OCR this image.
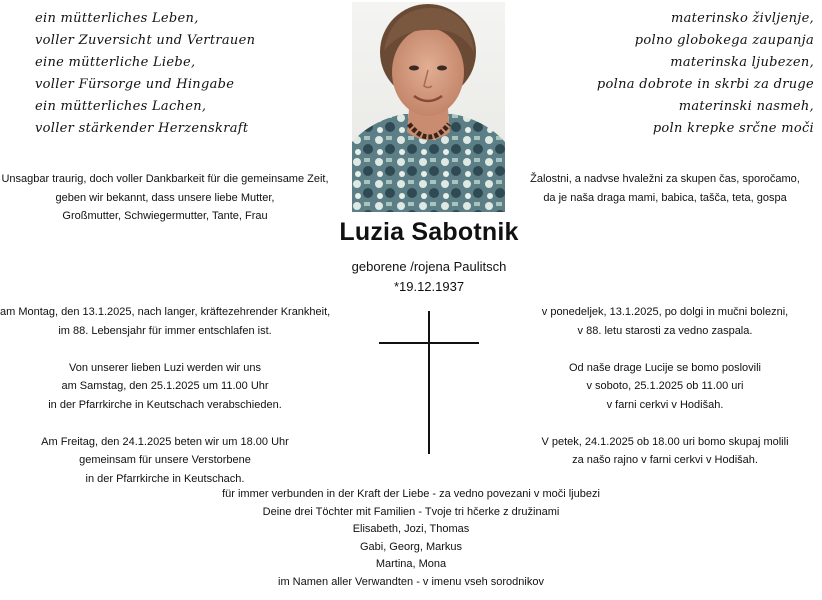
ein mütterliches Leben,
voller Zuversicht und Vertrauen
eine mütterliche Liebe,
voller Fürsorge und Hingabe
ein mütterliches Lachen,
voller stärkender Herzenskraft
materinsko življenje,
polno globokega zaupanja
materinska ljubezen,
polna dobrote in skrbi za druge
materinski nasmeh,
poln krepke srčne moči
Unsagbar traurig, doch voller Dankbarkeit für die gemeinsame Zeit,
geben wir bekannt, dass unsere liebe Mutter,
Großmutter, Schwiegermutter, Tante, Frau
Žalostni, a nadvse hvaležni za skupen čas, sporočamo,
da je naša draga mami, babica, tašča, teta, gospa
Luzia Sabotnik
geborene /rojena Paulitsch
*19.12.1937
am Montag, den 13.1.2025, nach langer, kräftezehrender Krankheit,
im 88. Lebensjahr für immer entschlafen ist.
Von unserer lieben Luzi werden wir uns
am Samstag, den 25.1.2025 um 11.00 Uhr
in der Pfarrkirche in Keutschach verabschieden.
Am Freitag, den 24.1.2025 beten wir um 18.00 Uhr
gemeinsam für unsere Verstorbene
in der Pfarrkirche in Keutschach.
v ponedeljek, 13.1.2025, po dolgi in mučni bolezni,
v 88. letu starosti za vedno zaspala.
Od naše drage Lucije se bomo poslovili
v soboto, 25.1.2025 ob 11.00 uri
v farni cerkvi v Hodišah.
V petek, 24.1.2025 ob 18.00 uri bomo skupaj molili
za našo rajno v farni cerkvi v Hodišah.
für immer verbunden in der Kraft der Liebe - za vedno povezani v moči ljubezi
Deine drei Töchter mit Familien - Tvoje tri hčerke z družinami
Elisabeth, Jozi, Thomas
Gabi, Georg, Markus
Martina, Mona
im Namen aller Verwandten - v imenu vseh sorodnikov
